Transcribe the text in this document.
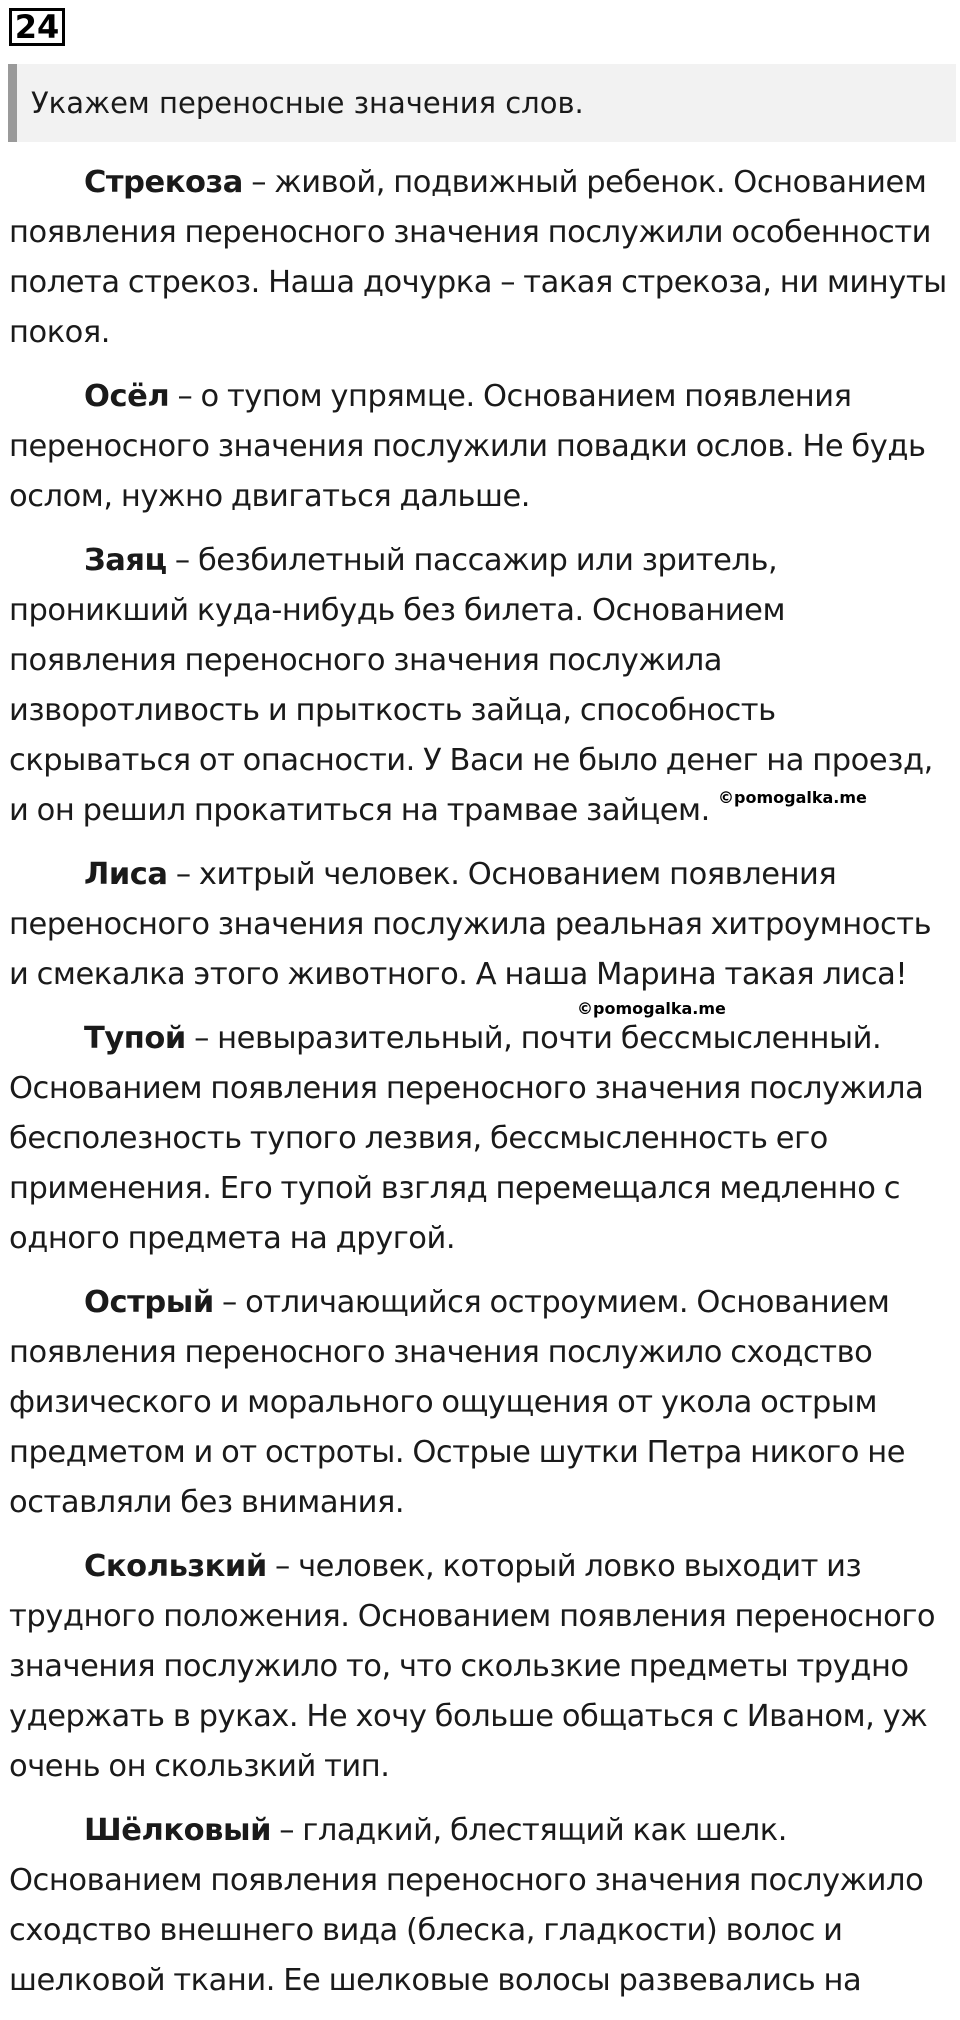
24
Укажем переносные значения слов.

Стрекоза – живой, подвижный ребенок. Основанием появления переносного значения послужили особенности полета стрекоз. Наша дочурка – такая стрекоза, ни минуты покоя.

Осёл – о тупом упрямце. Основанием появления переносного значения послужили повадки ослов. Не будь ослом, нужно двигаться дальше.

Заяц – безбилетный пассажир или зритель, проникший куда-нибудь без билета. Основанием появления переносного значения послужила изворотливость и прыткость зайца, способность скрываться от опасности. У Васи не было денег на проезд, и он решил прокатиться на трамвае зайцем.

Лиса – хитрый человек. Основанием появления переносного значения послужила реальная хитроумность и смекалка этого животного. А наша Марина такая лиса!

Тупой – невыразительный, почти бессмысленный. Основанием появления переносного значения послужила бесполезность тупого лезвия, бессмысленность его применения. Его тупой взгляд перемещался медленно с одного предмета на другой.

Острый – отличающийся остроумием. Основанием появления переносного значения послужило сходство физического и морального ощущения от укола острым предметом и от остроты. Острые шутки Петра никого не оставляли без внимания.

Скользкий – человек, который ловко выходит из трудного положения. Основанием появления переносного значения послужило то, что скользкие предметы трудно удержать в руках. Не хочу больше общаться с Иваном, уж очень он скользкий тип.

Шёлковый – гладкий, блестящий как шелк. Основанием появления переносного значения послужило сходство внешнего вида (блеска, гладкости) волос и шелковой ткани. Ее шелковые волосы развевались на

©pomogalka.me
©pomogalka.me
